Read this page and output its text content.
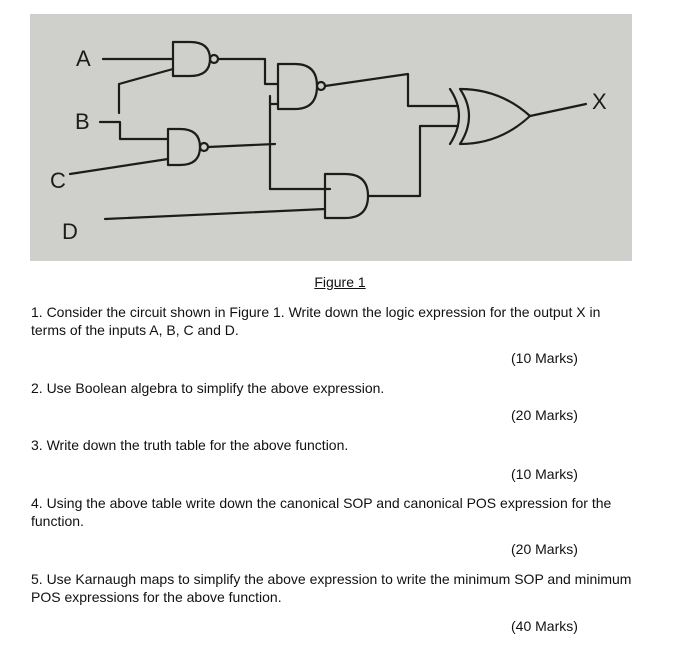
A
B
C
D
X
Figure 1
1. Consider the circuit shown in Figure 1. Write down the logic expression for the output X in terms of the inputs A, B, C and D.
(10 Marks)
2. Use Boolean algebra to simplify the above expression.
(20 Marks)
3. Write down the truth table for the above function.
(10 Marks)
4. Using the above table write down the canonical SOP and canonical POS expression for the function.
(20 Marks)
5. Use Karnaugh maps to simplify the above expression to write the minimum SOP and minimum POS expressions for the above function.
(40 Marks)
